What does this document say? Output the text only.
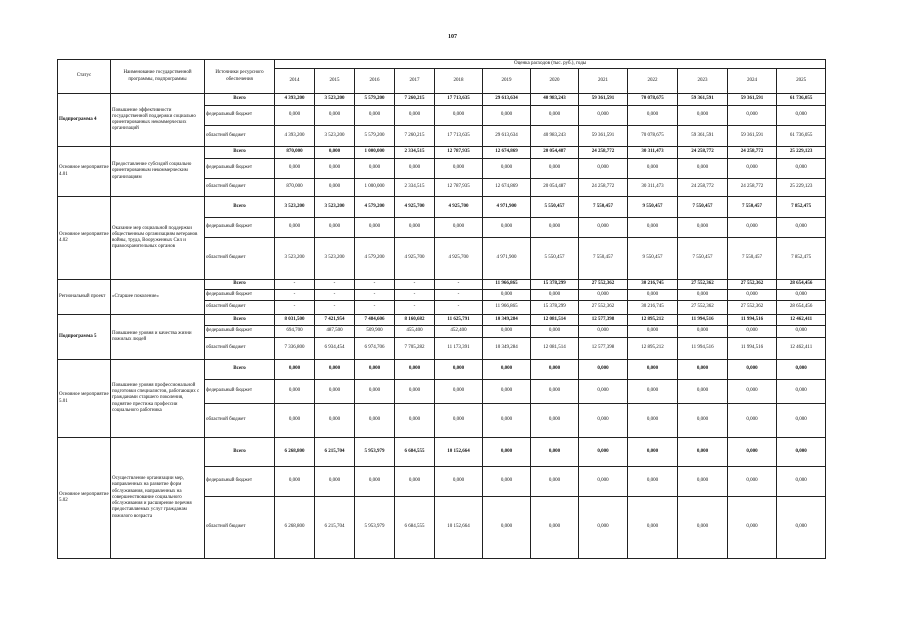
107
Статус	Наименование государственной программы, подпрограммы	Источники ресурсного обеспечения	Оценка расходов (тыс. руб.), годы											
			2014	2015	2016	2017	2018	2019	2020	2021	2022	2023	2024	2025
Подпрограмма 4	Повышение эффективности государственной поддержки социально ориентированных некоммерческих организаций	Всего	4 393,200	3 523,200	5 579,200	7 260,215	17 713,635	29 613,634	40 983,243	59 361,591	70 078,675	59 361,591	59 361,591	61 736,055
		федеральный бюджет	0,000	0,000	0,000	0,000	0,000	0,000	0,000	0,000	0,000	0,000	0,000	0,000
		областной бюджет	4 393,200	3 523,200	5 579,200	7 260,215	17 713,635	29 613,634	40 983,243	59 361,591	70 078,675	59 361,591	59 361,591	61 736,055
Основное мероприятие 4.01	Предоставление субсидий социально ориентированным некоммерческим организациям	Всего	870,000	0,000	1 000,000	2 334,515	12 787,935	12 674,869	20 054,487	24 258,772	30 311,473	24 258,772	24 258,772	25 229,123
		федеральный бюджет	0,000	0,000	0,000	0,000	0,000	0,000	0,000	0,000	0,000	0,000	0,000	0,000
		областной бюджет	870,000	0,000	1 000,000	2 334,515	12 787,935	12 674,869	20 054,487	24 258,772	30 311,473	24 258,772	24 258,772	25 229,123
Основное мероприятие 4.02	Оказание мер социальной поддержки общественным организациям ветеранов войны, труда, Вооруженных Сил и правоохранительных органов	Всего	3 523,200	3 523,200	4 579,200	4 925,700	4 925,700	4 971,900	5 550,457	7 550,457	9 550,457	7 550,457	7 550,457	7 852,475
		федеральный бюджет	0,000	0,000	0,000	0,000	0,000	0,000	0,000	0,000	0,000	0,000	0,000	0,000
		областной бюджет	3 523,200	3 523,200	4 579,200	4 925,700	4 925,700	4 971,900	5 550,457	7 550,457	9 550,457	7 550,457	7 550,457	7 852,475
Региональный проект	«Старшее поколение»	Всего	-	-	-	-	-	11 966,865	15 378,299	27 552,362	30 216,745	27 552,362	27 552,362	28 654,456
		федеральный бюджет	-	-	-	-	-	0,000	0,000	0,000	0,000	0,000	0,000	0,000
		областной бюджет	-	-	-	-	-	11 966,865	15 378,299	27 552,362	30 216,745	27 552,362	27 552,362	28 654,456
Подпрограмма 5	Повышение уровня и качества жизни пожилых людей	Всего	8 031,500	7 421,954	7 484,606	8 160,682	11 625,791	10 349,284	12 081,514	12 577,398	12 895,212	11 994,516	11 994,516	12 462,411
		федеральный бюджет	694,700	487,500	509,900	455,400	452,400	0,000	0,000	0,000	0,000	0,000	0,000	0,000
		областной бюджет	7 336,800	6 934,454	6 974,706	7 705,282	11 173,391	10 349,284	12 081,514	12 577,398	12 895,212	11 994,516	11 994,516	12 462,411
Основное мероприятие 5.01	Повышение уровня профессиональной подготовки специалистов, работающих с гражданами старшего поколения, поднятие престижа профессии социального работника	Всего	0,000	0,000	0,000	0,000	0,000	0,000	0,000	0,000	0,000	0,000	0,000	0,000
		федеральный бюджет	0,000	0,000	0,000	0,000	0,000	0,000	0,000	0,000	0,000	0,000	0,000	0,000
		областной бюджет	0,000	0,000	0,000	0,000	0,000	0,000	0,000	0,000	0,000	0,000	0,000	0,000
Основное мероприятие 5.02	Осуществление организации мер, направленных на развитие форм обслуживания, направленных на совершенствование социального обслуживания и расширение перечня предоставляемых услуг гражданам пожилого возраста	Всего	6 268,800	6 215,704	5 953,979	6 684,555	10 152,664	0,000	0,000	0,000	0,000	0,000	0,000	0,000
		федеральный бюджет	0,000	0,000	0,000	0,000	0,000	0,000	0,000	0,000	0,000	0,000	0,000	0,000
		областной бюджет	6 268,800	6 215,704	5 953,979	6 684,555	10 152,664	0,000	0,000	0,000	0,000	0,000	0,000	0,000
